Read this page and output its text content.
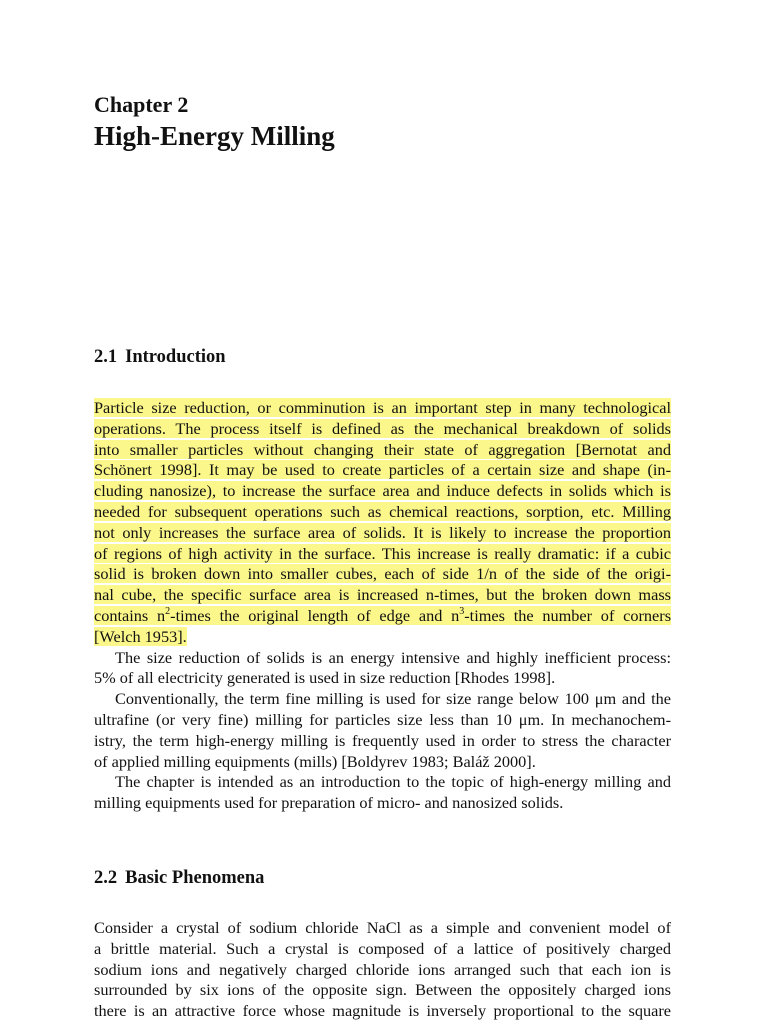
Chapter 2
High-Energy Milling
2.1 Introduction
Particle size reduction, or comminution is an important step in many technological
operations. The process itself is defined as the mechanical breakdown of solids
into smaller particles without changing their state of aggregation [Bernotat and
Schönert 1998]. It may be used to create particles of a certain size and shape (in-
cluding nanosize), to increase the surface area and induce defects in solids which is
needed for subsequent operations such as chemical reactions, sorption, etc. Milling
not only increases the surface area of solids. It is likely to increase the proportion
of regions of high activity in the surface. This increase is really dramatic: if a cubic
solid is broken down into smaller cubes, each of side 1/n of the side of the origi-
nal cube, the specific surface area is increased n-times, but the broken down mass
contains $n^2$-times the original length of edge and $n^3$-times the number of corners
[Welch 1953].
The size reduction of solids is an energy intensive and highly inefficient process:
5% of all electricity generated is used in size reduction [Rhodes 1998].
Conventionally, the term fine milling is used for size range below 100 μm and the
ultrafine (or very fine) milling for particles size less than 10 μm. In mechanochem-
istry, the term high-energy milling is frequently used in order to stress the character
of applied milling equipments (mills) [Boldyrev 1983; Baláž 2000].
The chapter is intended as an introduction to the topic of high-energy milling and
milling equipments used for preparation of micro- and nanosized solids.
2.2 Basic Phenomena
Consider a crystal of sodium chloride NaCl as a simple and convenient model of
a brittle material. Such a crystal is composed of a lattice of positively charged
sodium ions and negatively charged chloride ions arranged such that each ion is
surrounded by six ions of the opposite sign. Between the oppositely charged ions
there is an attractive force whose magnitude is inversely proportional to the square
